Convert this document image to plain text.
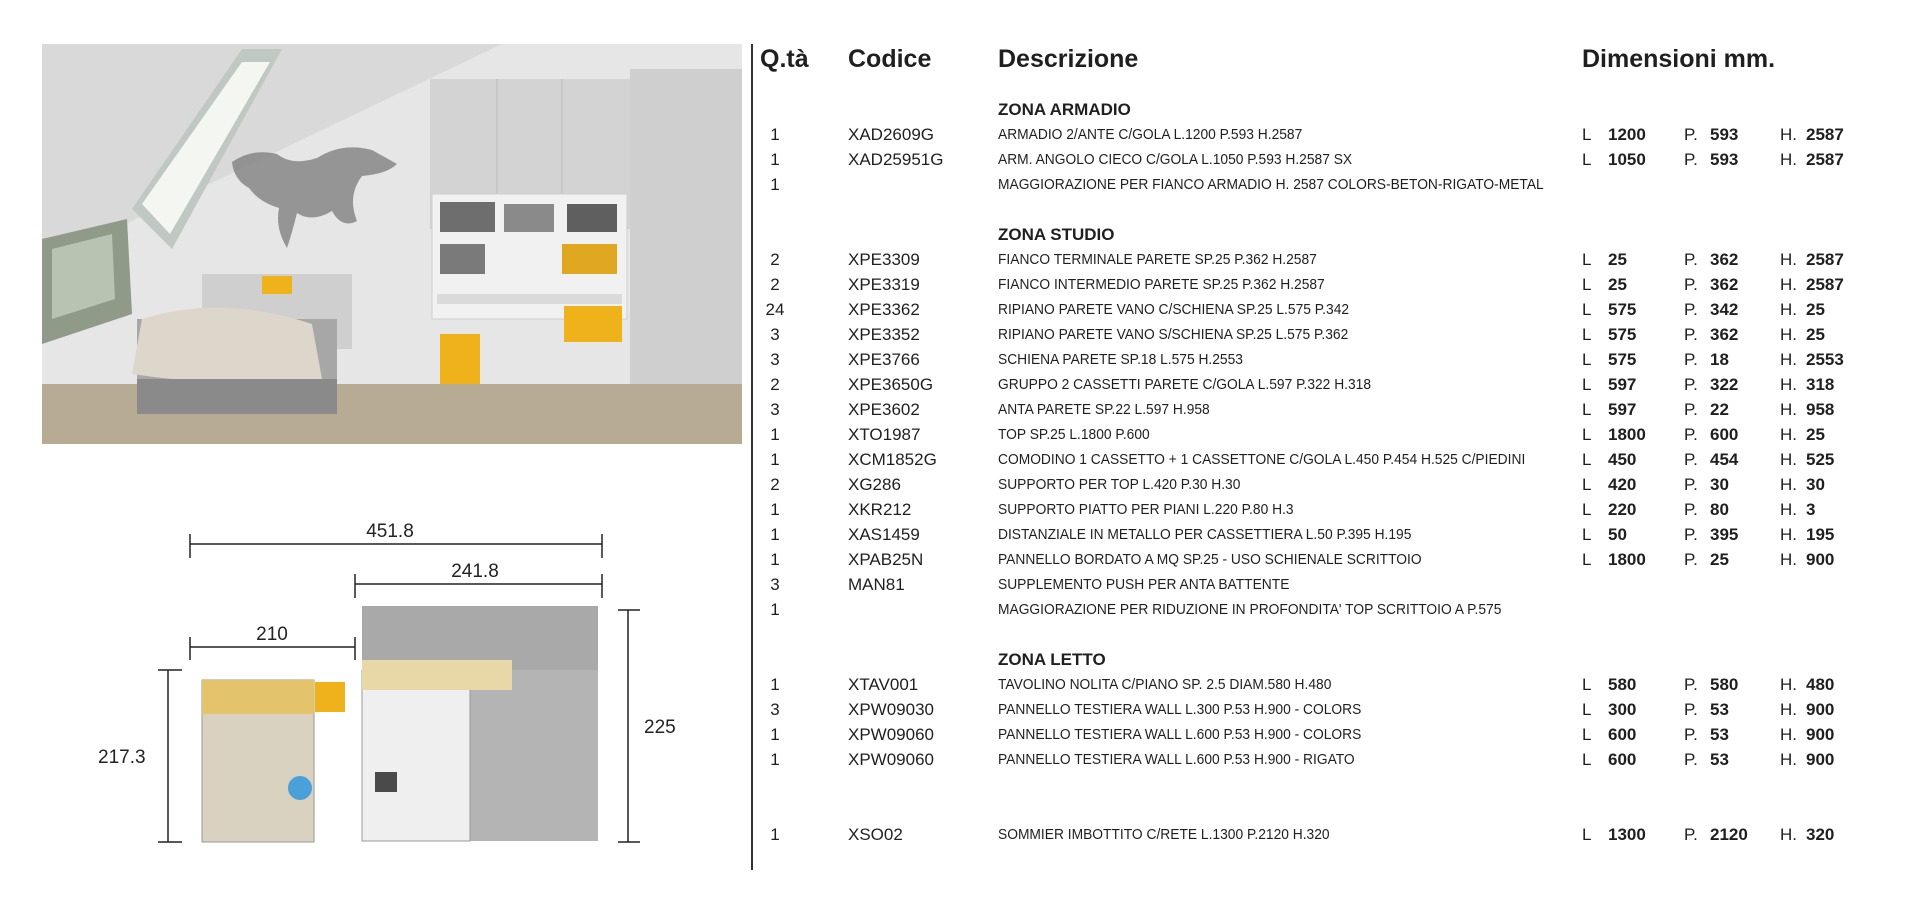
451.8
241.8
210
217.3
225
Q.tà Codice	Descrizione	Dimensioni mm.
ZONA ARMADIO
1	XAD2609G	ARMADIO 2/ANTE C/GOLA L.1200 P.593 H.2587	L 1200 P. 593 H. 2587
1	XAD25951G	ARM. ANGOLO CIECO C/GOLA L.1050 P.593 H.2587 SX	L 1050 P. 593 H. 2587
1	MAGGIORAZIONE PER FIANCO ARMADIO H. 2587 COLORS-BETON-RIGATO-METAL
ZONA STUDIO
2	XPE3309	FIANCO TERMINALE PARETE SP.25 P.362 H.2587	L 25	P. 362 H. 2587
2	XPE3319	FIANCO INTERMEDIO PARETE SP.25 P.362 H.2587	L 25	P. 362 H. 2587
24	XPE3362	RIPIANO PARETE VANO C/SCHIENA SP.25 L.575 P.342	L 575	P. 342 H. 25
3	XPE3352	RIPIANO PARETE VANO S/SCHIENA SP.25 L.575 P.362	L 575	P. 362 H. 25
3	XPE3766	SCHIENA PARETE SP.18 L.575 H.2553	L 575	P. 18	H. 2553
2	XPE3650G	GRUPPO 2 CASSETTI PARETE C/GOLA L.597 P.322 H.318	L 597	P. 322 H. 318
3	XPE3602	ANTA PARETE SP.22 L.597 H.958	L 597	P. 22	H. 958
1	XTO1987	TOP SP.25 L.1800 P.600	L 1800 P. 600 H. 25
1	XCM1852G	COMODINO 1 CASSETTO + 1 CASSETTONE C/GOLA L.450 P.454 H.525 C/PIEDINI	L 450	P. 454 H. 525
2	XG286	SUPPORTO PER TOP L.420 P.30 H.30	L 420	P. 30	H. 30
1	XKR212	SUPPORTO PIATTO PER PIANI L.220 P.80 H.3	L 220	P. 80	H. 3
1	XAS1459	DISTANZIALE IN METALLO PER CASSETTIERA L.50 P.395 H.195	L 50	P. 395 H. 195
1	XPAB25N	PANNELLO BORDATO A MQ SP.25 - USO SCHIENALE SCRITTOIO	L 1800 P. 25	H. 900
3	MAN81	SUPPLEMENTO PUSH PER ANTA BATTENTE
1	MAGGIORAZIONE PER RIDUZIONE IN PROFONDITA' TOP SCRITTOIO A P.575
ZONA LETTO
1	XTAV001	TAVOLINO NOLITA C/PIANO SP. 2.5 DIAM.580 H.480	L 580	P. 580 H. 480
3	XPW09030	PANNELLO TESTIERA WALL L.300 P.53 H.900 - COLORS	L 300	P. 53	H. 900
1	XPW09060	PANNELLO TESTIERA WALL L.600 P.53 H.900 - COLORS	L 600	P. 53	H. 900
1	XPW09060	PANNELLO TESTIERA WALL L.600 P.53 H.900 - RIGATO	L 600	P. 53	H. 900
1	XSO02	SOMMIER IMBOTTITO C/RETE L.1300 P.2120 H.320	L 1300 P. 2120 H. 320
